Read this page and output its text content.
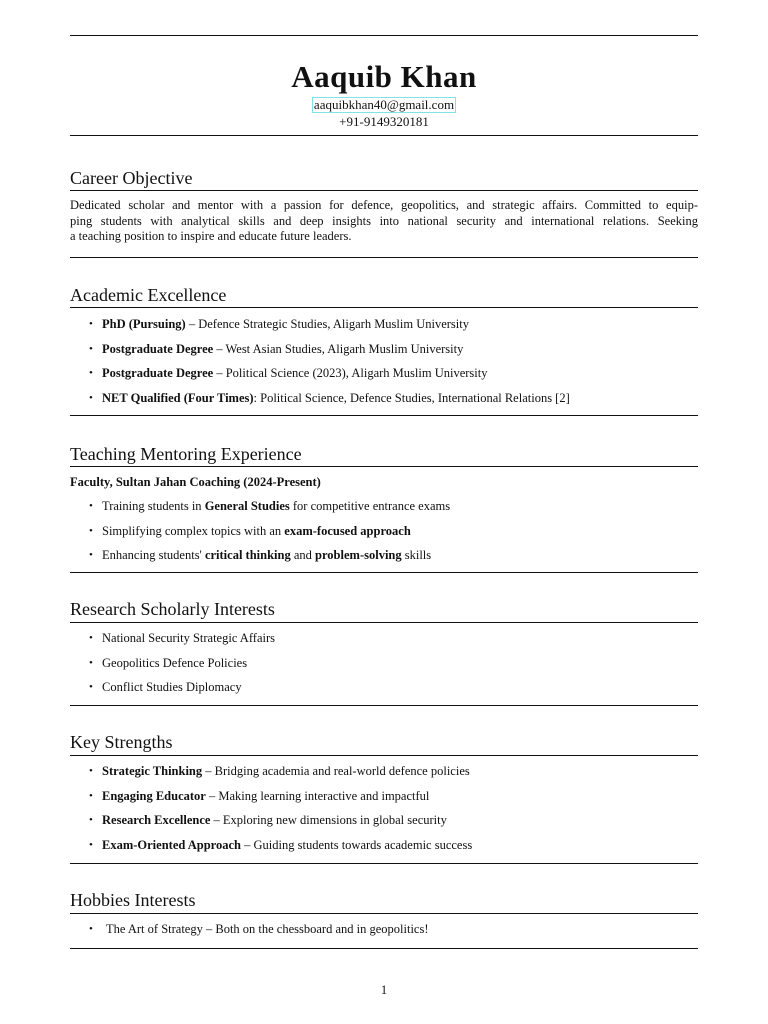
Aaquib Khan
aaquibkhan40@gmail.com
+91-9149320181
Career Objective
Dedicated scholar and mentor with a passion for defence, geopolitics, and strategic affairs. Committed to equip-
ping students with analytical skills and deep insights into national security and international relations. Seeking
a teaching position to inspire and educate future leaders.
Academic Excellence
• PhD (Pursuing) – Defence Strategic Studies, Aligarh Muslim University
• Postgraduate Degree – West Asian Studies, Aligarh Muslim University
• Postgraduate Degree – Political Science (2023), Aligarh Muslim University
• NET Qualified (Four Times): Political Science, Defence Studies, International Relations [2]
Teaching Mentoring Experience
Faculty, Sultan Jahan Coaching (2024-Present)
• Training students in General Studies for competitive entrance exams
• Simplifying complex topics with an exam-focused approach
• Enhancing students' critical thinking and problem-solving skills
Research Scholarly Interests
• National Security Strategic Affairs
• Geopolitics Defence Policies
• Conflict Studies Diplomacy
Key Strengths
• Strategic Thinking – Bridging academia and real-world defence policies
• Engaging Educator – Making learning interactive and impactful
• Research Excellence – Exploring new dimensions in global security
• Exam-Oriented Approach – Guiding students towards academic success
Hobbies Interests
• The Art of Strategy – Both on the chessboard and in geopolitics!
1
